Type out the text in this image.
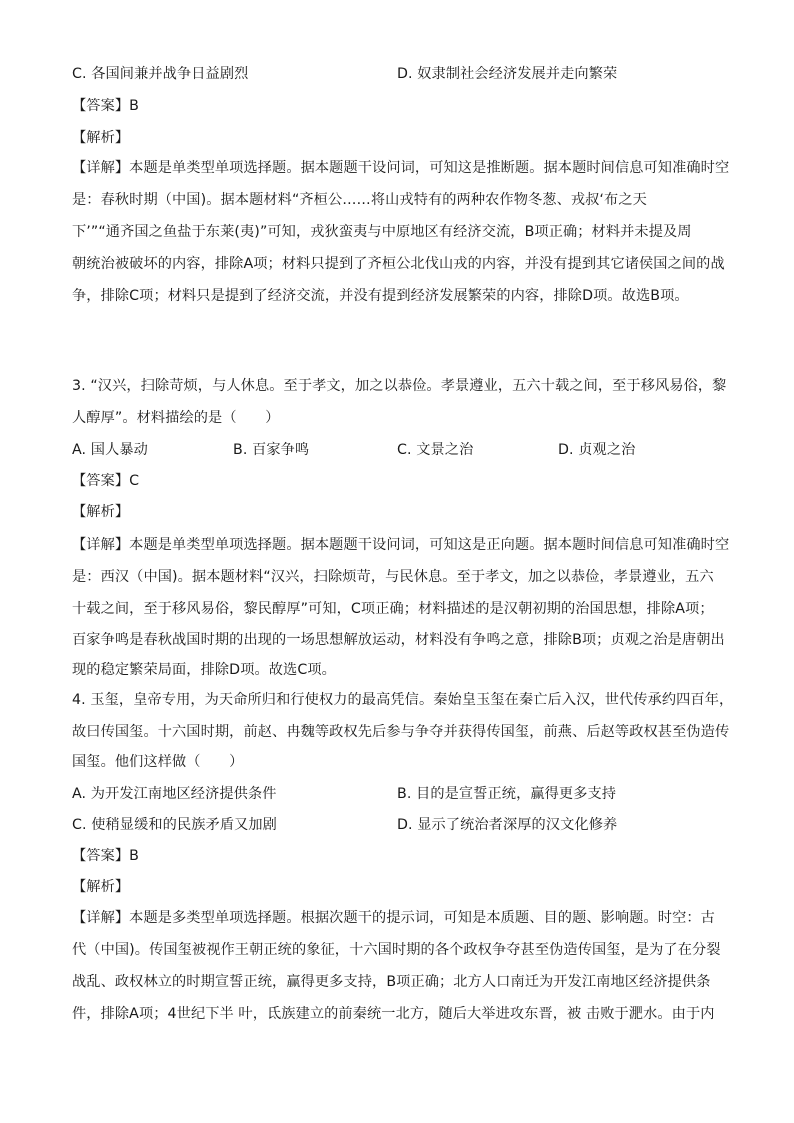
C. 各国间兼并战争日益剧烈	D. 奴隶制社会经济发展并走向繁荣
【答案】B
【解析】
【详解】本题是单类型单项选择题。据本题题干设问词，可知这是推断题。据本题时间信息可知准确时空
是：春秋时期（中国)。据本题材料“齐桓公……将山戎特有的两种农作物冬葱、戎叔‘布之天
下’”“通齐国之鱼盐于东莱(夷)”可知，戎狄蛮夷与中原地区有经济交流，B项正确；材料并未提及周
朝统治被破坏的内容，排除A项；材料只提到了齐桓公北伐山戎的内容，并没有提到其它诸侯国之间的战
争，排除C项；材料只是提到了经济交流，并没有提到经济发展繁荣的内容，排除D项。故选B项。
3. “汉兴，扫除苛烦，与人休息。至于孝文，加之以恭俭。孝景遵业，五六十载之间，至于移风易俗，黎
人醇厚”。材料描绘的是（　　）
A. 国人暴动	B. 百家争鸣	C. 文景之治	D. 贞观之治
【答案】C
【解析】
【详解】本题是单类型单项选择题。据本题题干设问词，可知这是正向题。据本题时间信息可知准确时空
是：西汉（中国)。据本题材料“汉兴，扫除烦苛，与民休息。至于孝文，加之以恭俭，孝景遵业，五六
十载之间，至于移风易俗，黎民醇厚”可知，C项正确；材料描述的是汉朝初期的治国思想，排除A项；
百家争鸣是春秋战国时期的出现的一场思想解放运动，材料没有争鸣之意，排除B项；贞观之治是唐朝出
现的稳定繁荣局面，排除D项。故选C项。
4. 玉玺，皇帝专用，为天命所归和行使权力的最高凭信。秦始皇玉玺在秦亡后入汉，世代传承约四百年，
故曰传国玺。十六国时期，前赵、冉魏等政权先后参与争夺并获得传国玺，前燕、后赵等政权甚至伪造传
国玺。他们这样做（　　）
A. 为开发江南地区经济提供条件	B. 目的是宣誓正统，赢得更多支持
C. 使稍显缓和的民族矛盾又加剧	D. 显示了统治者深厚的汉文化修养
【答案】B
【解析】
【详解】本题是多类型单项选择题。根据次题干的提示词，可知是本质题、目的题、影响题。时空：古
代（中国)。传国玺被视作王朝正统的象征，十六国时期的各个政权争夺甚至伪造传国玺，是为了在分裂
战乱、政权林立的时期宣誓正统，赢得更多支持，B项正确；北方人口南迁为开发江南地区经济提供条
件，排除A项；4世纪下半 叶，氐族建立的前秦统一北方，随后大举进攻东晋，被 击败于淝水。由于内
